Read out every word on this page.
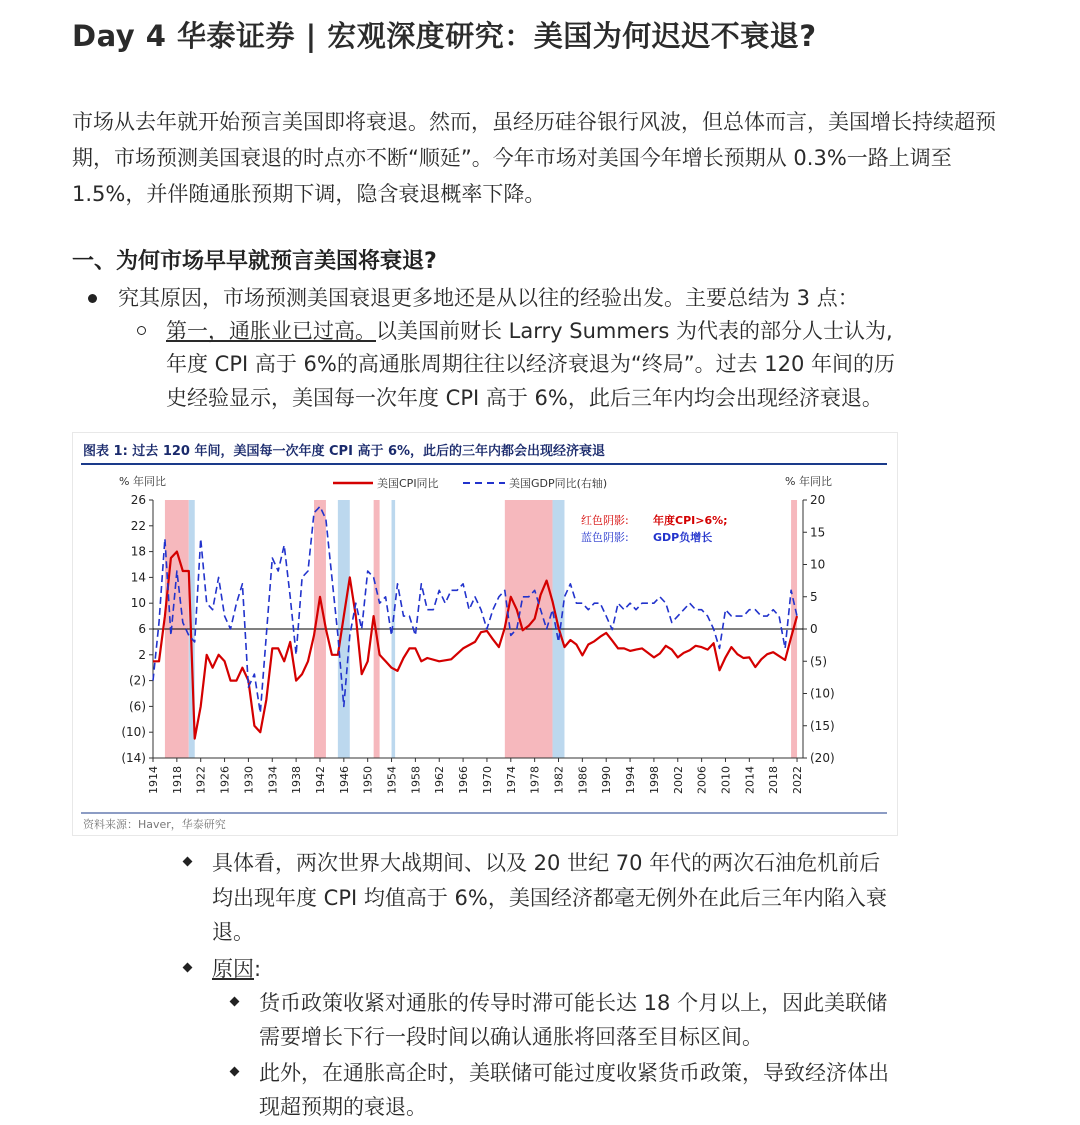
Day 4 华泰证券 | 宏观深度研究：美国为何迟迟不衰退?
市场从去年就开始预言美国即将衰退。然而，虽经历硅谷银行风波，但总体而言，美国增长持续超预期，市场预测美国衰退的时点亦不断“顺延”。今年市场对美国今年增长预期从 0.3%一路上调至 1.5%，并伴随通胀预期下调，隐含衰退概率下降。
一、为何市场早早就预言美国将衰退?
究其原因，市场预测美国衰退更多地还是从以往的经验出发。主要总结为 3 点：
第一，通胀业已过高。以美国前财长 Larry Summers 为代表的部分人士认为,
年度 CPI 高于 6%的高通胀周期往往以经济衰退为“终局”。过去 120 年间的历
史经验显示，美国每一次年度 CPI 高于 6%，此后三年内均会出现经济衰退。
图表 1: 过去 120 年间，美国每一次年度 CPI 高于 6%，此后的三年内都会出现经济衰退
% 年同比	% 年同比
美国CPI同比	美国GDP同比(右轴)
26
22
18
14
10
6
2
(2)
(6)
(10)
(14)
20
15
10
5
0
(5)
(10)
(15)
(20)
1914 1918 1922 1926 1930 1934 1938 1942 1946 1950 1954 1958 1962 1966 1970 1974 1978 1982 1986 1990 1994 1998 2002 2006 2010 2014 2018 2022
红色阴影: 年度CPI>6%;
蓝色阴影: GDP负增长
资料来源：Haver，华泰研究
具体看，两次世界大战期间、以及 20 世纪 70 年代的两次石油危机前后
均出现年度 CPI 均值高于 6%，美国经济都毫无例外在此后三年内陷入衰
退。
原因:
货币政策收紧对通胀的传导时滞可能长达 18 个月以上，因此美联储
需要增长下行一段时间以确认通胀将回落至目标区间。
此外，在通胀高企时，美联储可能过度收紧货币政策，导致经济体出
现超预期的衰退。
